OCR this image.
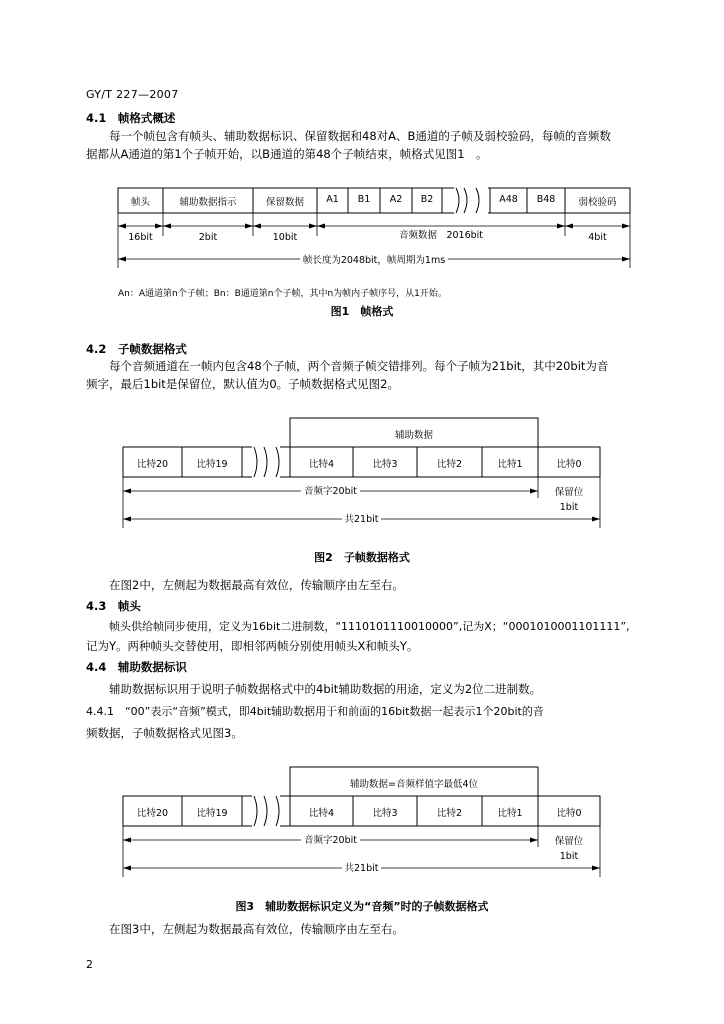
GY/T 227—2007
4.1　帧格式概述
每一个帧包含有帧头、辅助数据标识、保留数据和48对A、B通道的子帧及弱校验码，每帧的音频数
据都从A通道的第1个子帧开始，以B通道的第48个子帧结束，帧格式见图1　。
帧头	辅助数据指示	保留数据	A1	B1	A2	B2	A48	B48	弱校验码
16bit	2bit	10bit	音频数据　2016bit	4bit
帧长度为2048bit，帧周期为1ms
An：A通道第n个子帧；Bn：B通道第n个子帧，其中n为帧内子帧序号，从1开始。
图1　帧格式
4.2　子帧数据格式
每个音频通道在一帧内包含48个子帧，两个音频子帧交错排列。每个子帧为21bit，其中20bit为音
频字，最后1bit是保留位，默认值为0。子帧数据格式见图2。
辅助数据
比特20	比特19	比特4	比特3	比特2	比特1	比特0
音频字20bit	保留位
1bit
共21bit
图2　子帧数据格式
在图2中，左侧起为数据最高有效位，传输顺序由左至右。
4.3　帧头
帧头供给帧同步使用，定义为16bit二进制数，“1110101110010000”,记为X；“0001010001101111”,
记为Y。两种帧头交替使用，即相邻两帧分别使用帧头X和帧头Y。
4.4　辅助数据标识
辅助数据标识用于说明子帧数据格式中的4bit辅助数据的用途，定义为2位二进制数。
4.4.1　“00”表示“音频”模式，即4bit辅助数据用于和前面的16bit数据一起表示1个20bit的音
频数据，子帧数据格式见图3。
辅助数据=音频样值字最低4位
比特20	比特19	比特4	比特3	比特2	比特1	比特0
音频字20bit	保留位
1bit
共21bit
图3　辅助数据标识定义为“音频”时的子帧数据格式
在图3中，左侧起为数据最高有效位，传输顺序由左至右。
2
